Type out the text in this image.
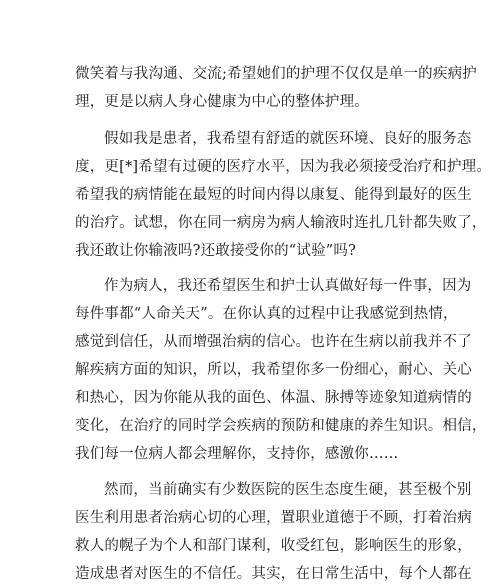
微笑着与我沟通、交流;希望她们的护理不仅仅是单一的疾病护
理，更是以病人身心健康为中心的整体护理。
假如我是患者，我希望有舒适的就医环境、良好的服务态
度，更[*]希望有过硬的医疗水平，因为我必须接受治疗和护理。
希望我的病情能在最短的时间内得以康复、能得到最好的医生
的治疗。试想，你在同一病房为病人输液时连扎几针都失败了，
我还敢让你输液吗?还敢接受你的“试验”吗?
作为病人，我还希望医生和护士认真做好每一件事，因为
每件事都“人命关天”。在你认真的过程中让我感觉到热情，
感觉到信任，从而增强治病的信心。也许在生病以前我并不了
解疾病方面的知识，所以，我希望你多一份细心，耐心、关心
和热心，因为你能从我的面色、体温、脉搏等迹象知道病情的
变化，在治疗的同时学会疾病的预防和健康的养生知识。相信，
我们每一位病人都会理解你，支持你，感激你……
然而，当前确实有少数医院的医生态度生硬，甚至极个别
医生利用患者治病心切的心理，置职业道德于不顾，打着治病
救人的幌子为个人和部门谋利，收受红包，影响医生的形象，
造成患者对医生的不信任。其实，在日常生活中，每个人都在
